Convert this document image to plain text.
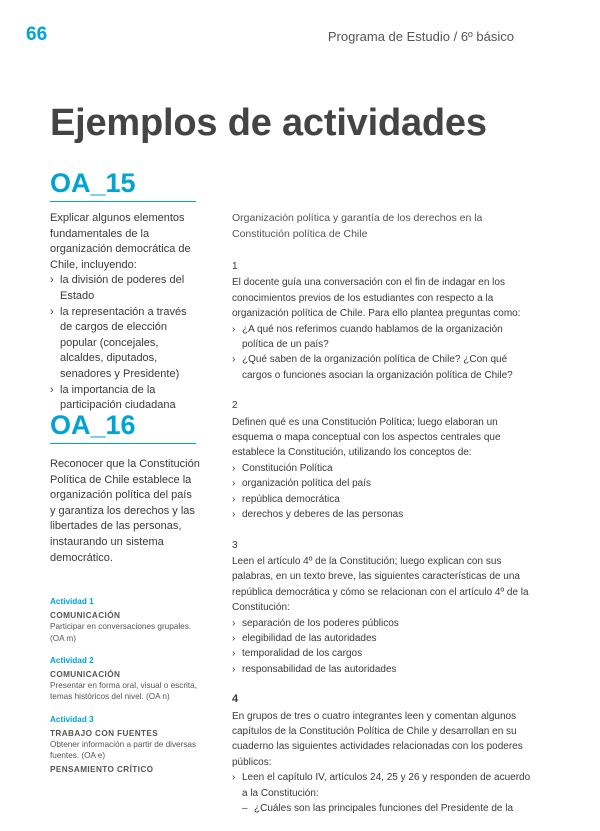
66	Programa de Estudio / 6º básico
Ejemplos de actividades
OA_15
Explicar algunos elementos fundamentales de la organización democrática de Chile, incluyendo:
› la división de poderes del Estado
› la representación a través de cargos de elección popular (concejales, alcaldes, diputados, senadores y Presidente)
› la importancia de la participación ciudadana
OA_16
Reconocer que la Constitución Política de Chile establece la organización política del país y garantiza los derechos y las libertades de las personas, instaurando un sistema democrático.
Actividad 1
COMUNICACIÓN
Participar en conversaciones grupales. (OA m)
Actividad 2
COMUNICACIÓN
Presentar en forma oral, visual o escrita, temas históricos del nivel. (OA n)
Actividad 3
TRABAJO CON FUENTES
Obtener información a partir de diversas fuentes. (OA e)
PENSAMIENTO CRÍTICO
Organización política y garantía de los derechos en la Constitución política de Chile
1
El docente guía una conversación con el fin de indagar en los conocimientos previos de los estudiantes con respecto a la organización política de Chile. Para ello plantea preguntas como:
› ¿A qué nos referimos cuando hablamos de la organización política de un país?
› ¿Qué saben de la organización política de Chile? ¿Con qué cargos o funciones asocian la organización política de Chile?
2
Definen qué es una Constitución Política; luego elaboran un esquema o mapa conceptual con los aspectos centrales que establece la Constitución, utilizando los conceptos de:
› Constitución Política
› organización política del país
› república democrática
› derechos y deberes de las personas
3
Leen el artículo 4º de la Constitución; luego explican con sus palabras, en un texto breve, las siguientes características de una república democrática y cómo se relacionan con el artículo 4º de la Constitución:
› separación de los poderes públicos
› elegibilidad de las autoridades
› temporalidad de los cargos
› responsabilidad de las autoridades
4
En grupos de tres o cuatro integrantes leen y comentan algunos capítulos de la Constitución Política de Chile y desarrollan en su cuaderno las siguientes actividades relacionadas con los poderes públicos:
› Leen el capítulo IV, artículos 24, 25 y 26 y responden de acuerdo a la Constitución:
– ¿Cuáles son las principales funciones del Presidente de la
